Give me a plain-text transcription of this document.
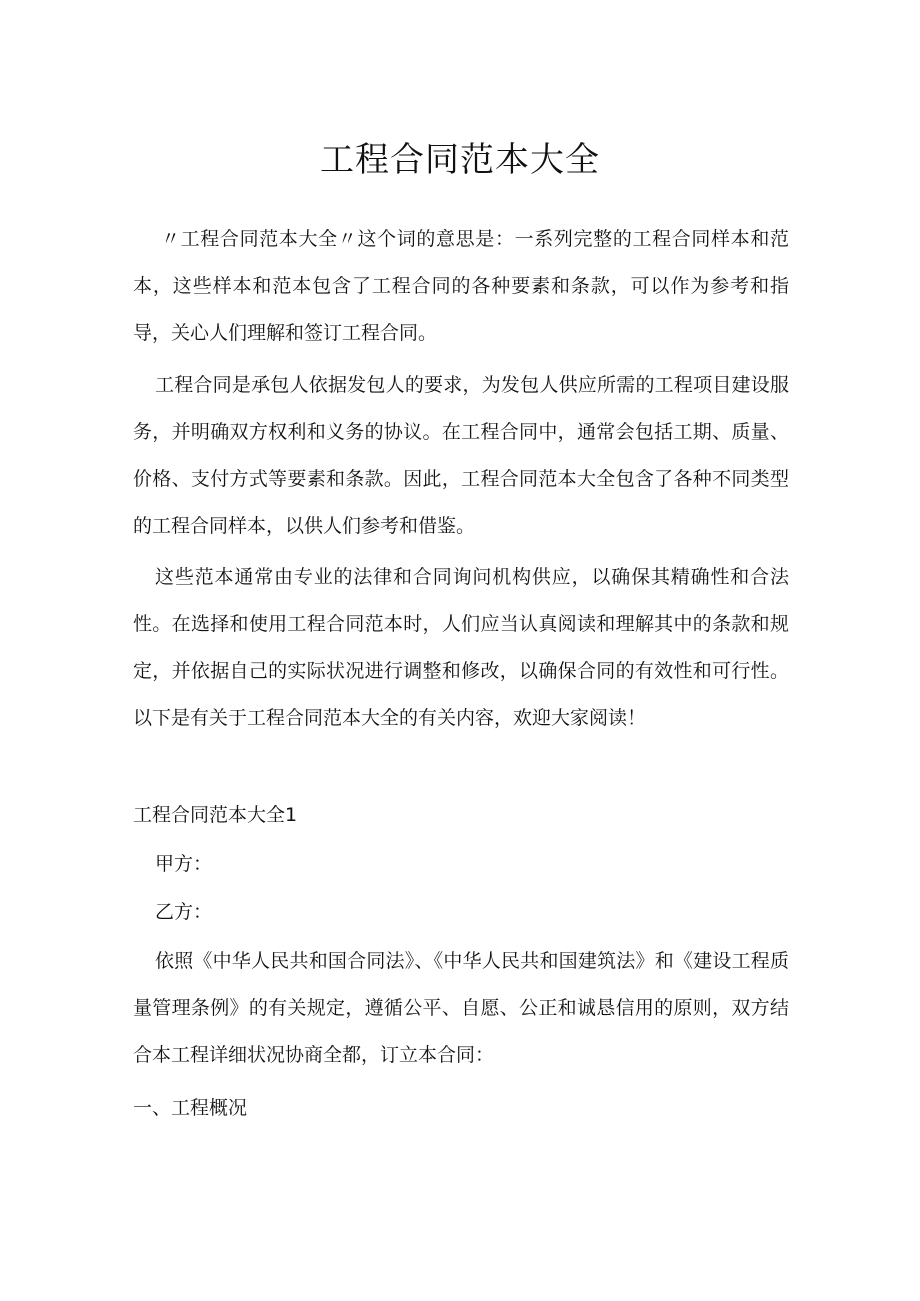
工程合同范本大全

〃工程合同范本大全〃这个词的意思是：一系列完整的工程合同样本和范本，这些样本和范本包含了工程合同的各种要素和条款，可以作为参考和指导，关心人们理解和签订工程合同。

工程合同是承包人依据发包人的要求，为发包人供应所需的工程项目建设服务，并明确双方权利和义务的协议。在工程合同中，通常会包括工期、质量、价格、支付方式等要素和条款。因此，工程合同范本大全包含了各种不同类型的工程合同样本，以供人们参考和借鉴。

这些范本通常由专业的法律和合同询问机构供应，以确保其精确性和合法性。在选择和使用工程合同范本时，人们应当认真阅读和理解其中的条款和规定，并依据自己的实际状况进行调整和修改，以确保合同的有效性和可行性。以下是有关于工程合同范本大全的有关内容，欢迎大家阅读！

工程合同范本大全1
甲方：
乙方：

依照《中华人民共和国合同法》、《中华人民共和国建筑法》和《建设工程质量管理条例》的有关规定，遵循公平、自愿、公正和诚恳信用的原则，双方结合本工程详细状况协商全都，订立本合同：

一、工程概况
